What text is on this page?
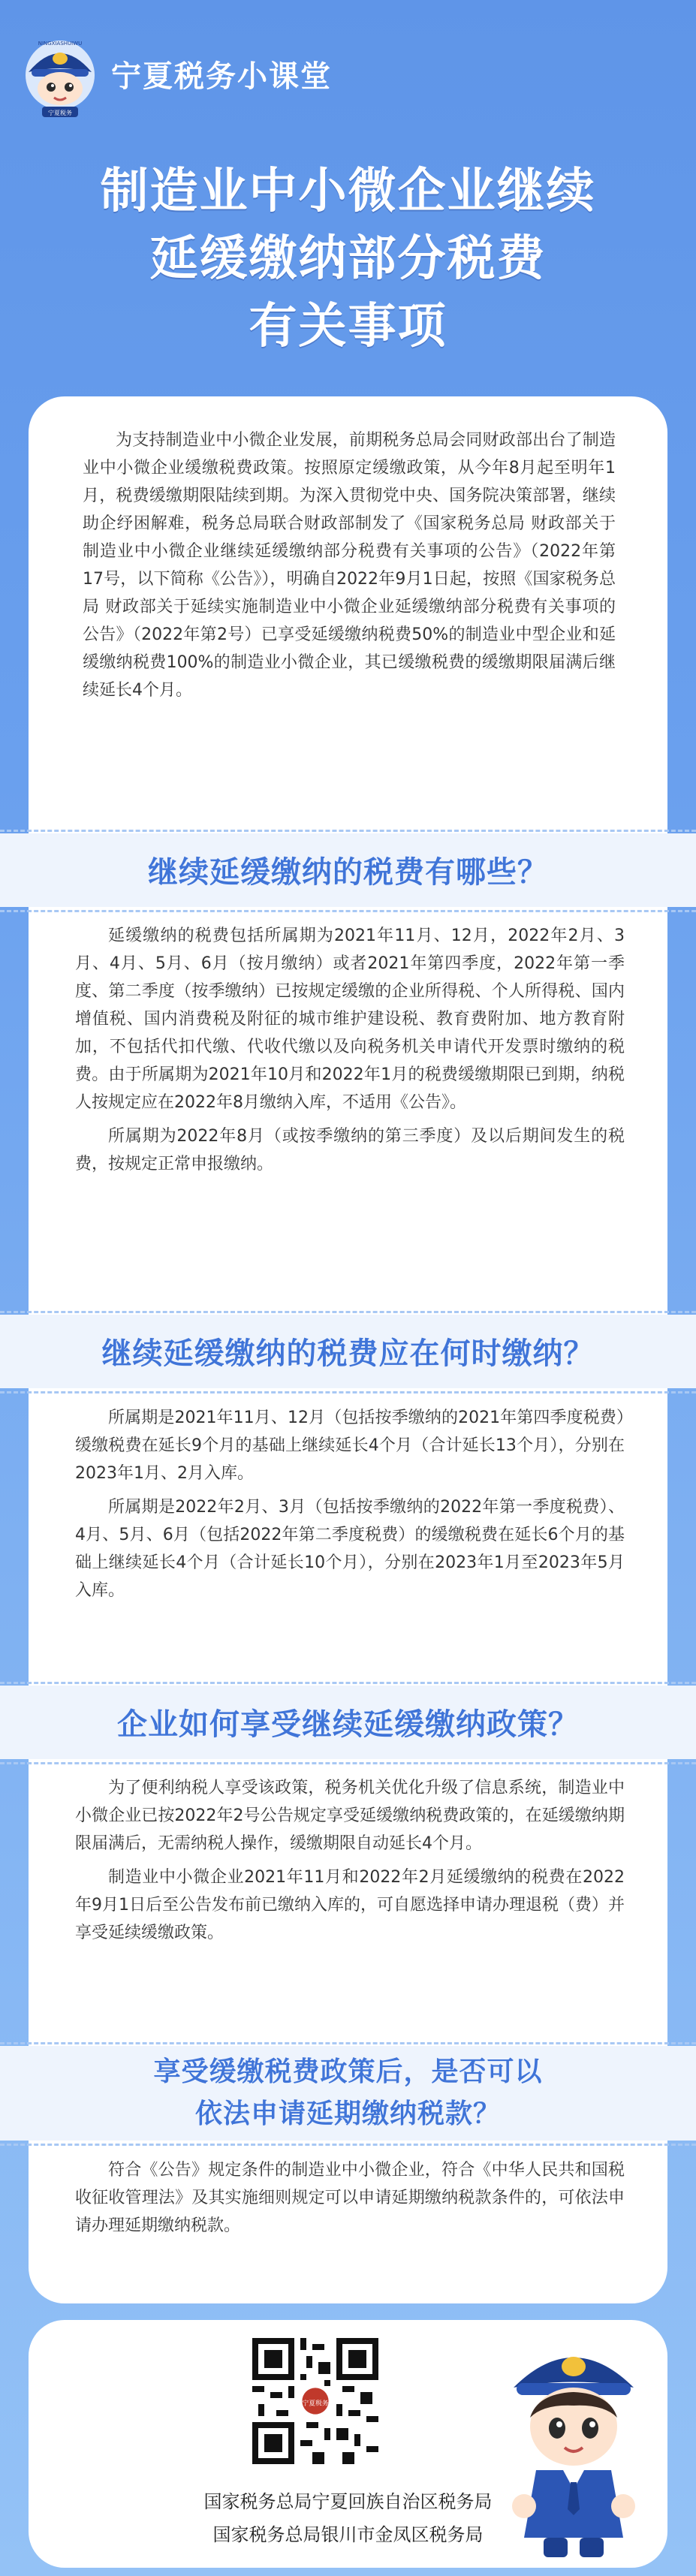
宁夏税务
NINGXIASHUIWU
宁夏税务小课堂
制造业中小微企业继续
延缓缴纳部分税费
有关事项

为支持制造业中小微企业发展，前期税务总局会同财政部出台了制造业中小微企业缓缴税费政策。按照原定缓缴政策，从今年8月起至明年1月，税费缓缴期限陆续到期。为深入贯彻党中央、国务院决策部署，继续助企纾困解难，税务总局联合财政部制发了《国家税务总局 财政部关于制造业中小微企业继续延缓缴纳部分税费有关事项的公告》（2022年第17号，以下简称《公告》），明确自2022年9月1日起，按照《国家税务总局 财政部关于延续实施制造业中小微企业延缓缴纳部分税费有关事项的公告》（2022年第2号）已享受延缓缴纳税费50%的制造业中型企业和延缓缴纳税费100%的制造业小微企业，其已缓缴税费的缓缴期限届满后继续延长4个月。

继续延缓缴纳的税费有哪些？

延缓缴纳的税费包括所属期为2021年11月、12月，2022年2月、3月、4月、5月、6月（按月缴纳）或者2021年第四季度，2022年第一季度、第二季度（按季缴纳）已按规定缓缴的企业所得税、个人所得税、国内增值税、国内消费税及附征的城市维护建设税、教育费附加、地方教育附加，不包括代扣代缴、代收代缴以及向税务机关申请代开发票时缴纳的税费。由于所属期为2021年10月和2022年1月的税费缓缴期限已到期，纳税人按规定应在2022年8月缴纳入库，不适用《公告》。

所属期为2022年8月（或按季缴纳的第三季度）及以后期间发生的税费，按规定正常申报缴纳。

继续延缓缴纳的税费应在何时缴纳？

所属期是2021年11月、12月（包括按季缴纳的2021年第四季度税费）缓缴税费在延长9个月的基础上继续延长4个月（合计延长13个月），分别在2023年1月、2月入库。

所属期是2022年2月、3月（包括按季缴纳的2022年第一季度税费）、4月、5月、6月（包括2022年第二季度税费）的缓缴税费在延长6个月的基础上继续延长4个月（合计延长10个月），分别在2023年1月至2023年5月入库。

企业如何享受继续延缓缴纳政策？

为了便利纳税人享受该政策，税务机关优化升级了信息系统，制造业中小微企业已按2022年2号公告规定享受延缓缴纳税费政策的，在延缓缴纳期限届满后，无需纳税人操作，缓缴期限自动延长4个月。

制造业中小微企业2021年11月和2022年2月延缓缴纳的税费在2022年9月1日后至公告发布前已缴纳入库的，可自愿选择申请办理退税（费）并享受延续缓缴政策。

享受缓缴税费政策后，是否可以
依法申请延期缴纳税款？

符合《公告》规定条件的制造业中小微企业，符合《中华人民共和国税收征收管理法》及其实施细则规定可以申请延期缴纳税款条件的，可依法申请办理延期缴纳税款。

宁夏税务
国家税务总局宁夏回族自治区税务局
国家税务总局银川市金凤区税务局
